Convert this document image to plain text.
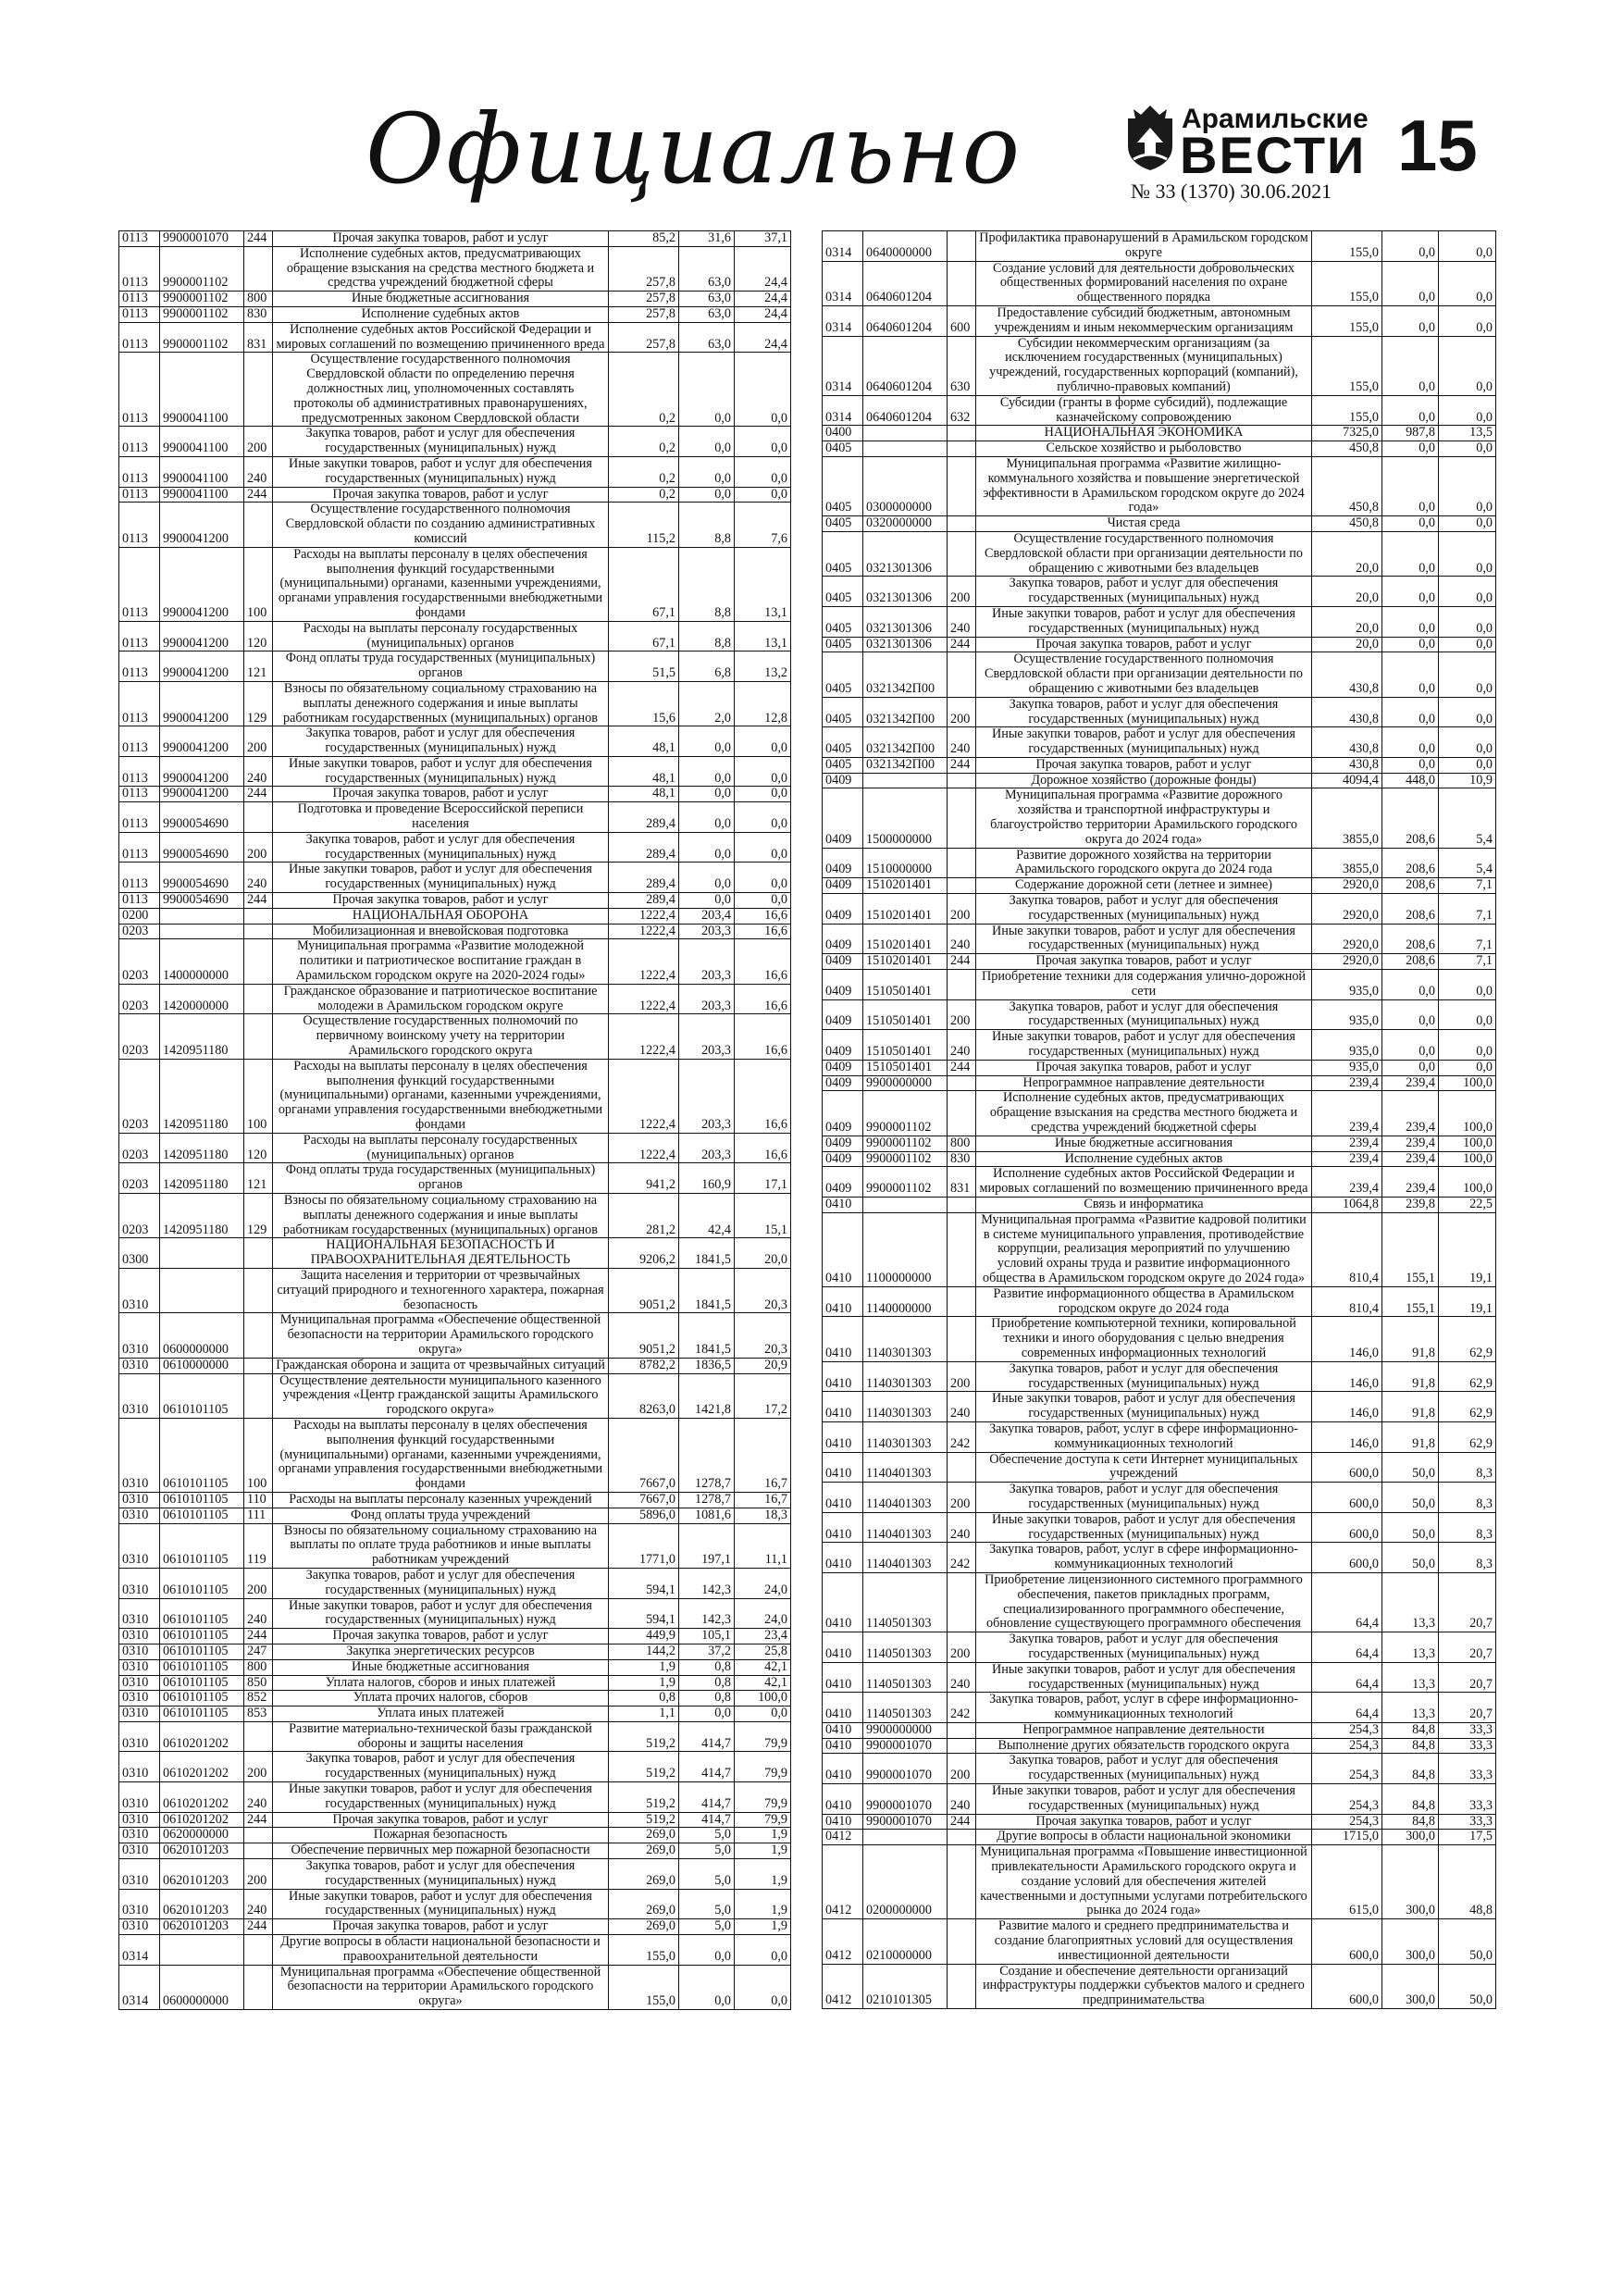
Официально	Арамильские
ВЕСТИ
№ 33 (1370) 30.06.2021
15
0113	9900001070	244	Прочая закупка товаров, работ и услуг	85,2	31,6	37,1
0113	9900001102		Исполнение судебных актов, предусматривающих обращение взыскания на средства местного бюджета и средства учреждений бюджетной сферы	257,8	63,0	24,4
0113	9900001102	800	Иные бюджетные ассигнования	257,8	63,0	24,4
0113	9900001102	830	Исполнение судебных актов	257,8	63,0	24,4
0113	9900001102	831	Исполнение судебных актов Российской Федерации и мировых соглашений по возмещению причиненного вреда	257,8	63,0	24,4
0113	9900041100		Осуществление государственного полномочия Свердловской области по определению перечня должностных лиц, уполномоченных составлять протоколы об административных правонарушениях, предусмотренных законом Свердловской области	0,2	0,0	0,0
0113	9900041100	200	Закупка товаров, работ и услуг для обеспечения государственных (муниципальных) нужд	0,2	0,0	0,0
0113	9900041100	240	Иные закупки товаров, работ и услуг для обеспечения государственных (муниципальных) нужд	0,2	0,0	0,0
0113	9900041100	244	Прочая закупка товаров, работ и услуг	0,2	0,0	0,0
0113	9900041200		Осуществление государственного полномочия Свердловской области по созданию административных комиссий	115,2	8,8	7,6
0113	9900041200	100	Расходы на выплаты персоналу в целях обеспечения выполнения функций государственными (муниципальными) органами, казенными учреждениями, органами управления государственными внебюджетными фондами	67,1	8,8	13,1
0113	9900041200	120	Расходы на выплаты персоналу государственных (муниципальных) органов	67,1	8,8	13,1
0113	9900041200	121	Фонд оплаты труда государственных (муниципальных) органов	51,5	6,8	13,2
0113	9900041200	129	Взносы по обязательному социальному страхованию на выплаты денежного содержания и иные выплаты работникам государственных (муниципальных) органов	15,6	2,0	12,8
0113	9900041200	200	Закупка товаров, работ и услуг для обеспечения государственных (муниципальных) нужд	48,1	0,0	0,0
0113	9900041200	240	Иные закупки товаров, работ и услуг для обеспечения государственных (муниципальных) нужд	48,1	0,0	0,0
0113	9900041200	244	Прочая закупка товаров, работ и услуг	48,1	0,0	0,0
0113	9900054690		Подготовка и проведение Всероссийской переписи населения	289,4	0,0	0,0
0113	9900054690	200	Закупка товаров, работ и услуг для обеспечения государственных (муниципальных) нужд	289,4	0,0	0,0
0113	9900054690	240	Иные закупки товаров, работ и услуг для обеспечения государственных (муниципальных) нужд	289,4	0,0	0,0
0113	9900054690	244	Прочая закупка товаров, работ и услуг	289,4	0,0	0,0
0200			НАЦИОНАЛЬНАЯ ОБОРОНА	1222,4	203,4	16,6
0203			Мобилизационная и вневойсковая подготовка	1222,4	203,3	16,6
0203	1400000000		Муниципальная программа «Развитие молодежной политики и патриотическое воспитание граждан в Арамильском городском округе на 2020-2024 годы»	1222,4	203,3	16,6
0203	1420000000		Гражданское образование и патриотическое воспитание молодежи в Арамильском городском округе	1222,4	203,3	16,6
0203	1420951180		Осуществление государственных полномочий по первичному воинскому учету на территории Арамильского городского округа	1222,4	203,3	16,6
0203	1420951180	100	Расходы на выплаты персоналу в целях обеспечения выполнения функций государственными (муниципальными) органами, казенными учреждениями, органами управления государственными внебюджетными фондами	1222,4	203,3	16,6
0203	1420951180	120	Расходы на выплаты персоналу государственных (муниципальных) органов	1222,4	203,3	16,6
0203	1420951180	121	Фонд оплаты труда государственных (муниципальных) органов	941,2	160,9	17,1
0203	1420951180	129	Взносы по обязательному социальному страхованию на выплаты денежного содержания и иные выплаты работникам государственных (муниципальных) органов	281,2	42,4	15,1
0300			НАЦИОНАЛЬНАЯ БЕЗОПАСНОСТЬ И ПРАВООХРАНИТЕЛЬНАЯ ДЕЯТЕЛЬНОСТЬ	9206,2	1841,5	20,0
0310			Защита населения и территории от чрезвычайных ситуаций природного и техногенного характера, пожарная безопасность	9051,2	1841,5	20,3
0310	0600000000		Муниципальная программа «Обеспечение общественной безопасности на территории Арамильского городского округа»	9051,2	1841,5	20,3
0310	0610000000		Гражданская оборона и защита от чрезвычайных ситуаций	8782,2	1836,5	20,9
0310	0610101105		Осуществление деятельности муниципального казенного учреждения «Центр гражданской защиты Арамильского городского округа»	8263,0	1421,8	17,2
0310	0610101105	100	Расходы на выплаты персоналу в целях обеспечения выполнения функций государственными (муниципальными) органами, казенными учреждениями, органами управления государственными внебюджетными фондами	7667,0	1278,7	16,7
0310	0610101105	110	Расходы на выплаты персоналу казенных учреждений	7667,0	1278,7	16,7
0310	0610101105	111	Фонд оплаты труда учреждений	5896,0	1081,6	18,3
0310	0610101105	119	Взносы по обязательному социальному страхованию на выплаты по оплате труда работников и иные выплаты работникам учреждений	1771,0	197,1	11,1
0310	0610101105	200	Закупка товаров, работ и услуг для обеспечения государственных (муниципальных) нужд	594,1	142,3	24,0
0310	0610101105	240	Иные закупки товаров, работ и услуг для обеспечения государственных (муниципальных) нужд	594,1	142,3	24,0
0310	0610101105	244	Прочая закупка товаров, работ и услуг	449,9	105,1	23,4
0310	0610101105	247	Закупка энергетических ресурсов	144,2	37,2	25,8
0310	0610101105	800	Иные бюджетные ассигнования	1,9	0,8	42,1
0310	0610101105	850	Уплата налогов, сборов и иных платежей	1,9	0,8	42,1
0310	0610101105	852	Уплата прочих налогов, сборов	0,8	0,8	100,0
0310	0610101105	853	Уплата иных платежей	1,1	0,0	0,0
0310	0610201202		Развитие материально-технической базы гражданской обороны и защиты населения	519,2	414,7	79,9
0310	0610201202	200	Закупка товаров, работ и услуг для обеспечения государственных (муниципальных) нужд	519,2	414,7	79,9
0310	0610201202	240	Иные закупки товаров, работ и услуг для обеспечения государственных (муниципальных) нужд	519,2	414,7	79,9
0310	0610201202	244	Прочая закупка товаров, работ и услуг	519,2	414,7	79,9
0310	0620000000		Пожарная безопасность	269,0	5,0	1,9
0310	0620101203		Обеспечение первичных мер пожарной безопасности	269,0	5,0	1,9
0310	0620101203	200	Закупка товаров, работ и услуг для обеспечения государственных (муниципальных) нужд	269,0	5,0	1,9
0310	0620101203	240	Иные закупки товаров, работ и услуг для обеспечения государственных (муниципальных) нужд	269,0	5,0	1,9
0310	0620101203	244	Прочая закупка товаров, работ и услуг	269,0	5,0	1,9
0314			Другие вопросы в области национальной безопасности и правоохранительной деятельности	155,0	0,0	0,0
0314	0600000000		Муниципальная программа «Обеспечение общественной безопасности на территории Арамильского городского округа»	155,0	0,0	0,0
0314	0640000000		Профилактика правонарушений в Арамильском городском округе	155,0	0,0	0,0
0314	0640601204		Создание условий для деятельности добровольческих общественных формирований населения по охране общественного порядка	155,0	0,0	0,0
0314	0640601204	600	Предоставление субсидий бюджетным, автономным учреждениям и иным некоммерческим организациям	155,0	0,0	0,0
0314	0640601204	630	Субсидии некоммерческим организациям (за исключением государственных (муниципальных) учреждений, государственных корпораций (компаний), публично-правовых компаний)	155,0	0,0	0,0
0314	0640601204	632	Субсидии (гранты в форме субсидий), подлежащие казначейскому сопровождению	155,0	0,0	0,0
0400			НАЦИОНАЛЬНАЯ ЭКОНОМИКА	7325,0	987,8	13,5
0405			Сельское хозяйство и рыболовство	450,8	0,0	0,0
0405	0300000000		Муниципальная программа «Развитие жилищно-коммунального хозяйства и повышение энергетической эффективности в Арамильском городском округе до 2024 года»	450,8	0,0	0,0
0405	0320000000		Чистая среда	450,8	0,0	0,0
0405	0321301306		Осуществление государственного полномочия Свердловской области при организации деятельности по обращению с животными без владельцев	20,0	0,0	0,0
0405	0321301306	200	Закупка товаров, работ и услуг для обеспечения государственных (муниципальных) нужд	20,0	0,0	0,0
0405	0321301306	240	Иные закупки товаров, работ и услуг для обеспечения государственных (муниципальных) нужд	20,0	0,0	0,0
0405	0321301306	244	Прочая закупка товаров, работ и услуг	20,0	0,0	0,0
0405	0321342П00		Осуществление государственного полномочия Свердловской области при организации деятельности по обращению с животными без владельцев	430,8	0,0	0,0
0405	0321342П00	200	Закупка товаров, работ и услуг для обеспечения государственных (муниципальных) нужд	430,8	0,0	0,0
0405	0321342П00	240	Иные закупки товаров, работ и услуг для обеспечения государственных (муниципальных) нужд	430,8	0,0	0,0
0405	0321342П00	244	Прочая закупка товаров, работ и услуг	430,8	0,0	0,0
0409			Дорожное хозяйство (дорожные фонды)	4094,4	448,0	10,9
0409	1500000000		Муниципальная программа «Развитие дорожного хозяйства и транспортной инфраструктуры и благоустройство территории Арамильского городского округа до 2024 года»	3855,0	208,6	5,4
0409	1510000000		Развитие дорожного хозяйства на территории Арамильского городского округа до 2024 года	3855,0	208,6	5,4
0409	1510201401		Содержание дорожной сети (летнее и зимнее)	2920,0	208,6	7,1
0409	1510201401	200	Закупка товаров, работ и услуг для обеспечения государственных (муниципальных) нужд	2920,0	208,6	7,1
0409	1510201401	240	Иные закупки товаров, работ и услуг для обеспечения государственных (муниципальных) нужд	2920,0	208,6	7,1
0409	1510201401	244	Прочая закупка товаров, работ и услуг	2920,0	208,6	7,1
0409	1510501401		Приобретение техники для содержания улично-дорожной сети	935,0	0,0	0,0
0409	1510501401	200	Закупка товаров, работ и услуг для обеспечения государственных (муниципальных) нужд	935,0	0,0	0,0
0409	1510501401	240	Иные закупки товаров, работ и услуг для обеспечения государственных (муниципальных) нужд	935,0	0,0	0,0
0409	1510501401	244	Прочая закупка товаров, работ и услуг	935,0	0,0	0,0
0409	9900000000		Непрограммное направление деятельности	239,4	239,4	100,0
0409	9900001102		Исполнение судебных актов, предусматривающих обращение взыскания на средства местного бюджета и средства учреждений бюджетной сферы	239,4	239,4	100,0
0409	9900001102	800	Иные бюджетные ассигнования	239,4	239,4	100,0
0409	9900001102	830	Исполнение судебных актов	239,4	239,4	100,0
0409	9900001102	831	Исполнение судебных актов Российской Федерации и мировых соглашений по возмещению причиненного вреда	239,4	239,4	100,0
0410			Связь и информатика	1064,8	239,8	22,5
0410	1100000000		Муниципальная программа «Развитие кадровой политики в системе муниципального управления, противодействие коррупции, реализация мероприятий по улучшению условий охраны труда и развитие информационного общества в Арамильском городском округе до 2024 года»	810,4	155,1	19,1
0410	1140000000		Развитие информационного общества в Арамильском городском округе до 2024 года	810,4	155,1	19,1
0410	1140301303		Приобретение компьютерной техники, копировальной техники и иного оборудования с целью внедрения современных информационных технологий	146,0	91,8	62,9
0410	1140301303	200	Закупка товаров, работ и услуг для обеспечения государственных (муниципальных) нужд	146,0	91,8	62,9
0410	1140301303	240	Иные закупки товаров, работ и услуг для обеспечения государственных (муниципальных) нужд	146,0	91,8	62,9
0410	1140301303	242	Закупка товаров, работ, услуг в сфере информационно-коммуникационных технологий	146,0	91,8	62,9
0410	1140401303		Обеспечение доступа к сети Интернет муниципальных учреждений	600,0	50,0	8,3
0410	1140401303	200	Закупка товаров, работ и услуг для обеспечения государственных (муниципальных) нужд	600,0	50,0	8,3
0410	1140401303	240	Иные закупки товаров, работ и услуг для обеспечения государственных (муниципальных) нужд	600,0	50,0	8,3
0410	1140401303	242	Закупка товаров, работ, услуг в сфере информационно-коммуникационных технологий	600,0	50,0	8,3
0410	1140501303		Приобретение лицензионного системного программного обеспечения, пакетов прикладных программ, специализированного программного обеспечение, обновление существующего программного обеспечения	64,4	13,3	20,7
0410	1140501303	200	Закупка товаров, работ и услуг для обеспечения государственных (муниципальных) нужд	64,4	13,3	20,7
0410	1140501303	240	Иные закупки товаров, работ и услуг для обеспечения государственных (муниципальных) нужд	64,4	13,3	20,7
0410	1140501303	242	Закупка товаров, работ, услуг в сфере информационно-коммуникационных технологий	64,4	13,3	20,7
0410	9900000000		Непрограммное направление деятельности	254,3	84,8	33,3
0410	9900001070		Выполнение других обязательств городского округа	254,3	84,8	33,3
0410	9900001070	200	Закупка товаров, работ и услуг для обеспечения государственных (муниципальных) нужд	254,3	84,8	33,3
0410	9900001070	240	Иные закупки товаров, работ и услуг для обеспечения государственных (муниципальных) нужд	254,3	84,8	33,3
0410	9900001070	244	Прочая закупка товаров, работ и услуг	254,3	84,8	33,3
0412			Другие вопросы в области национальной экономики	1715,0	300,0	17,5
0412	0200000000		Муниципальная программа «Повышение инвестиционной привлекательности Арамильского городского округа и создание условий для обеспечения жителей качественными и доступными услугами потребительского рынка до 2024 года»	615,0	300,0	48,8
0412	0210000000		Развитие малого и среднего предпринимательства и создание благоприятных условий для осуществления инвестиционной деятельности	600,0	300,0	50,0
0412	0210101305		Создание и обеспечение деятельности организаций инфраструктуры поддержки субъектов малого и среднего предпринимательства	600,0	300,0	50,0
